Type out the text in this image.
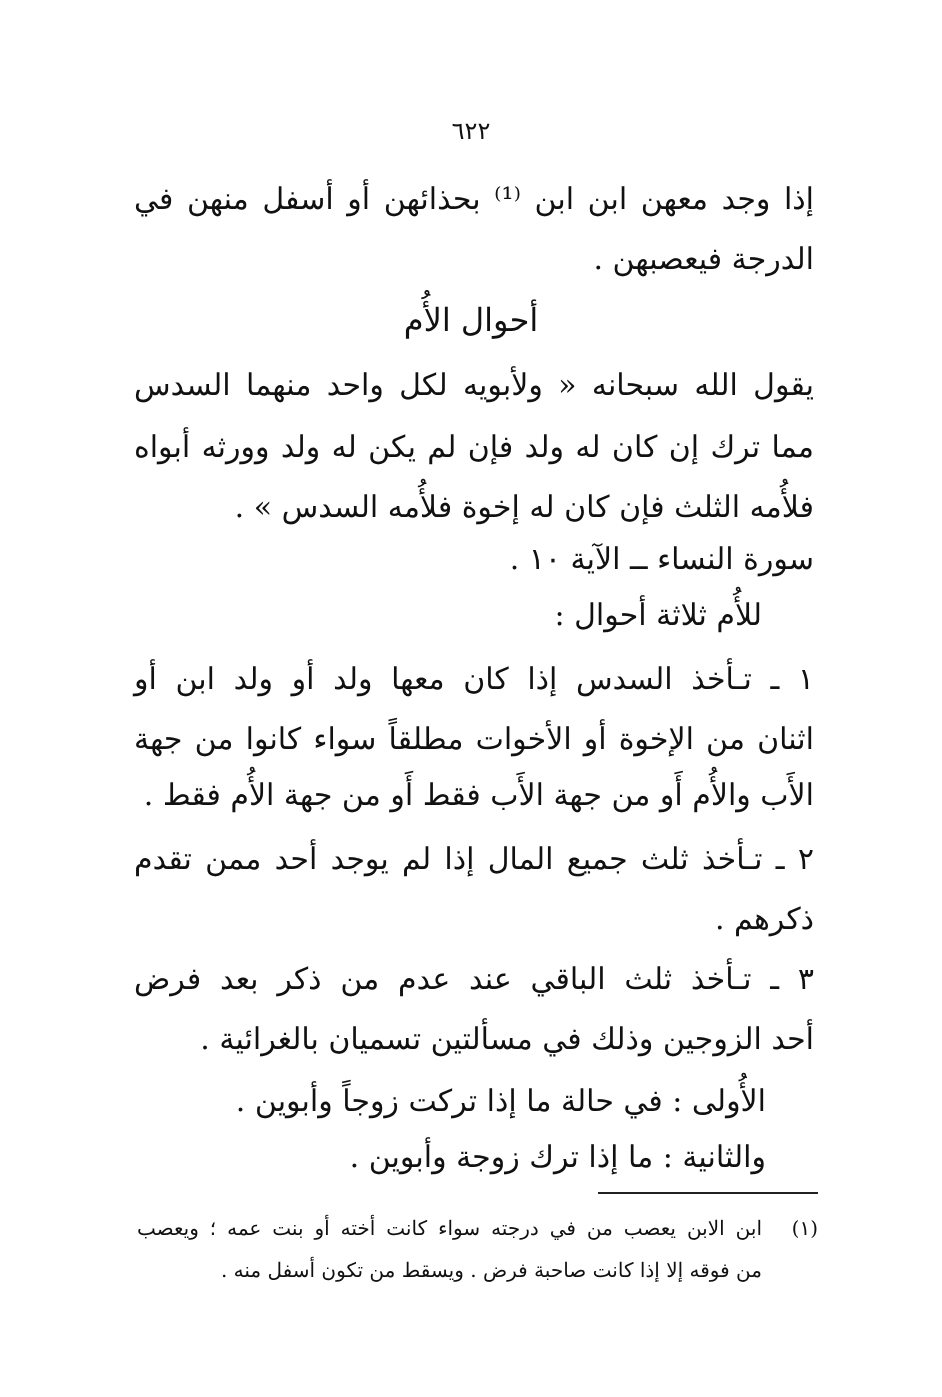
٦٢٢
إذا وجد معهن ابن ابن ⁽¹⁾ بحذائهن أو أسفل منهن في
الدرجة فيعصبهن .
أحوال الأُم
يقول الله سبحانه « ولأبويه لكل واحد منهما السدس
مما ترك إن كان له ولد فإن لم يكن له ولد وورثه أبواه
فلأُمه الثلث فإن كان له إخوة فلأُمه السدس » .
سورة النساء ــ الآية ١٠ .
للأُم ثلاثة أحوال :
١ ـ تـأخذ السدس إذا كان معها ولد أو ولد ابن أو
اثنان من الإخوة أو الأخوات مطلقاً سواء كانوا من جهة
الأَب والأُم أَو من جهة الأَب فقط أَو من جهة الأُم فقط .
٢ ـ تـأخذ ثلث جميع المال إذا لم يوجد أحد ممن تقدم
ذكرهم .
٣ ـ تـأخذ ثلث الباقي عند عدم من ذكر بعد فرض
أحد الزوجين وذلك في مسألتين تسميان بالغرائية .
الأُولى : في حالة ما إذا تركت زوجاً وأبوين .
والثانية : ما إذا ترك زوجة وأبوين .
(١)
ابن الابن يعصب من في درجته سواء كانت أخته أو بنت عمه ؛ ويعصب
من فوقه إلا إذا كانت صاحبة فرض . ويسقط من تكون أسفل منه .
